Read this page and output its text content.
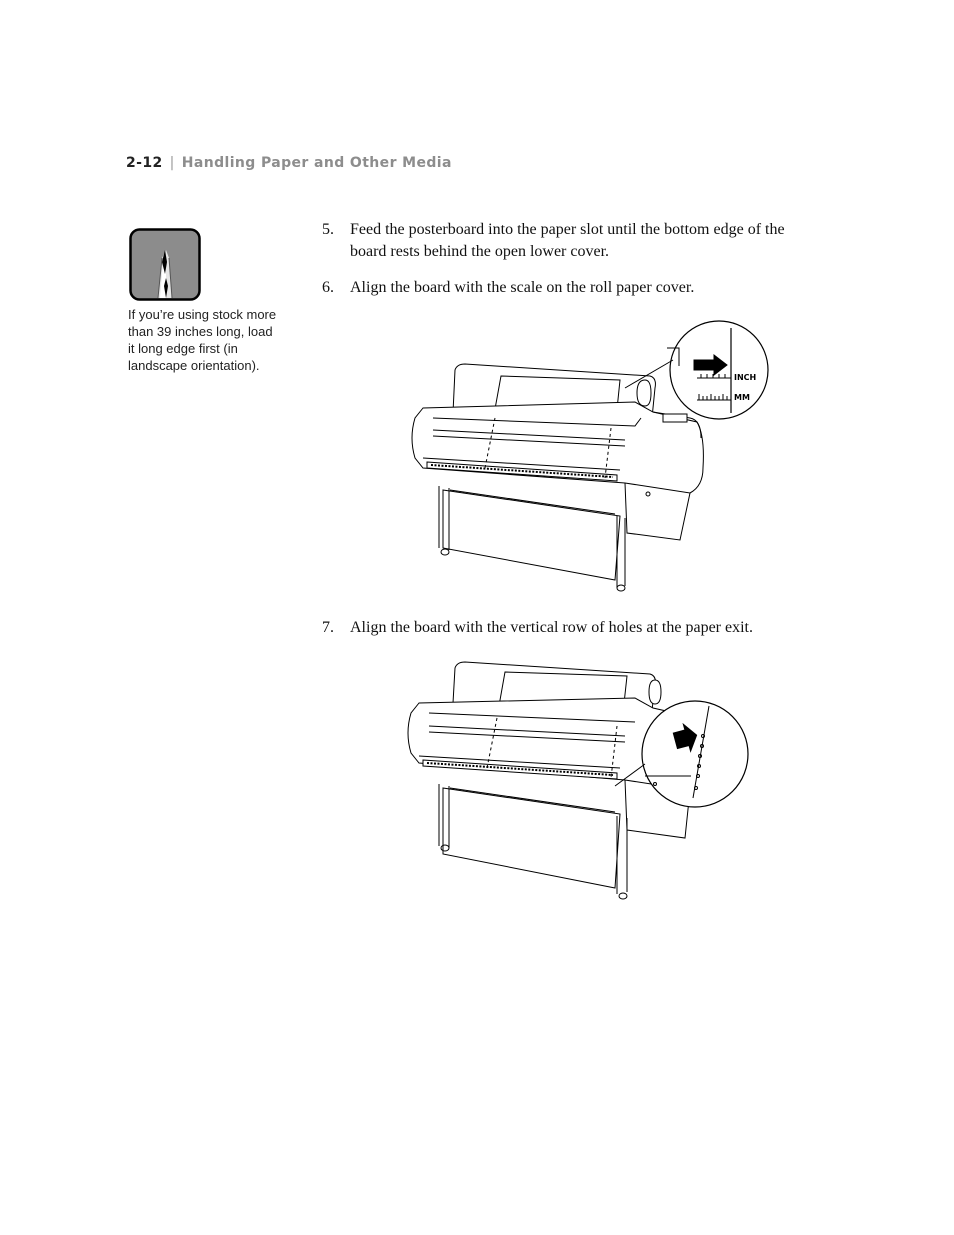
2-12 | Handling Paper and Other Media
If you’re using stock more than 39 inches long, load it long edge first (in landscape orientation).
5. Feed the posterboard into the paper slot until the bottom edge of the board rests behind the open lower cover.
6. Align the board with the scale on the roll paper cover.
INCH
MM
7. Align the board with the vertical row of holes at the paper exit.
